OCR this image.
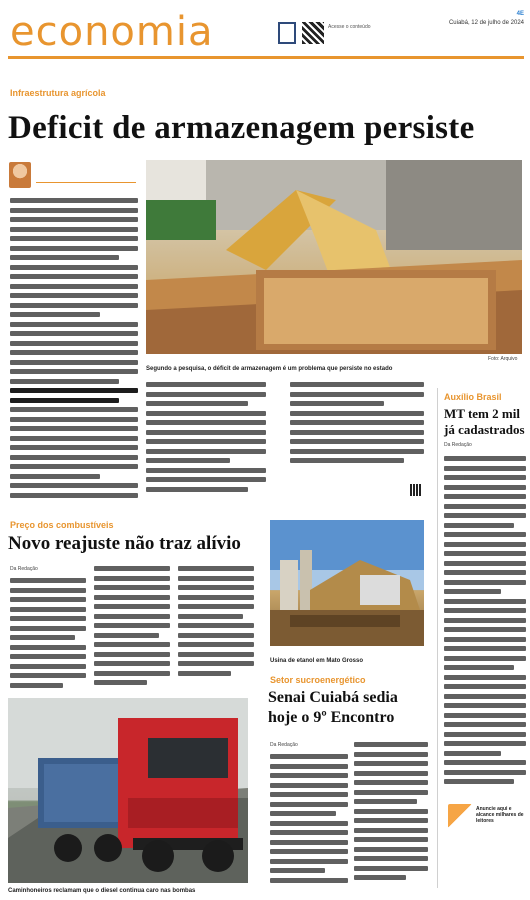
economia	Acesse o conteúdo
4E
Cuiabá, 12 de julho de 2024
Infraestrutura agrícola
Deficit de armazenagem persiste
Foto: Arquivo
Segundo a pesquisa, o déficit de armazenagem é um problema que persiste no estado
Auxílio Brasil
MT tem 2 mil já cadastrados
Da Redação
Anuncie aqui e alcance milhares de leitores
Preço dos combustíveis
Novo reajuste não traz alívio
Da Redação
Caminhoneiros reclamam que o diesel continua caro nas bombas
Usina de etanol em Mato Grosso
Setor sucroenergético
Senai Cuiabá sedia hoje o 9º Encontro
Da Redação
